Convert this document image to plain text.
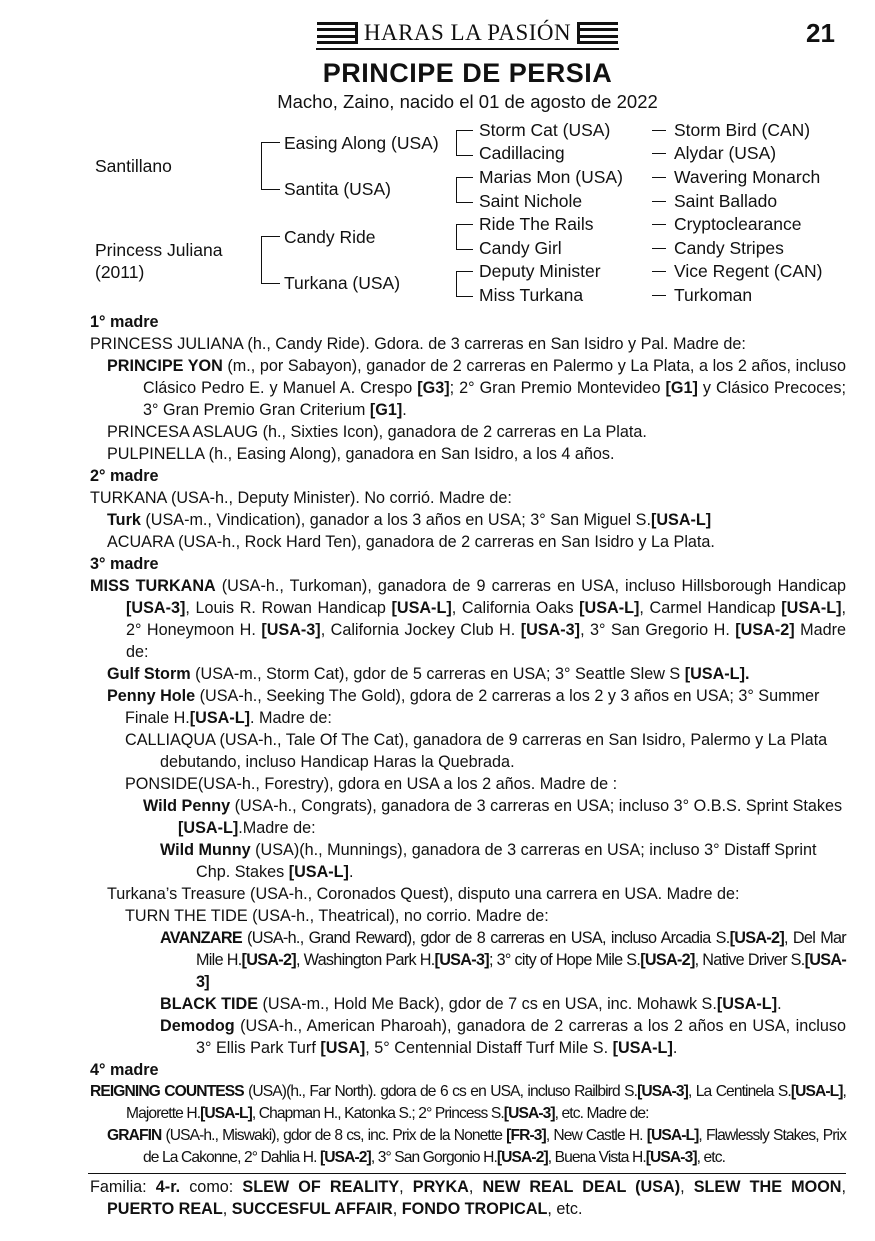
HARAS LA PASIÓN	21
PRINCIPE DE PERSIA
Macho, Zaino, nacido el 01 de agosto de 2022
Santillano
Princess Juliana
(2011)
Easing Along (USA)
Santita (USA)
Candy Ride
Turkana (USA)
Storm Cat (USA)
Cadillacing
Marias Mon (USA)
Saint Nichole
Ride The Rails
Candy Girl
Deputy Minister
Miss Turkana
Storm Bird (CAN)
Alydar (USA)
Wavering Monarch
Saint Ballado
Cryptoclearance
Candy Stripes
Vice Regent (CAN)
Turkoman

1° madre

PRINCESS JULIANA (h., Candy Ride). Gdora. de 3 carreras en San Isidro y Pal. Madre de:

PRINCIPE YON (m., por Sabayon), ganador de 2 carreras en Palermo y La Plata, a los 2 años, incluso Clásico Pedro E. y Manuel A. Crespo [G3]; 2° Gran Premio Montevideo [G1] y Clásico Precoces; 3° Gran Premio Gran Criterium [G1].

PRINCESA ASLAUG (h., Sixties Icon), ganadora de 2 carreras en La Plata.

PULPINELLA (h., Easing Along), ganadora en San Isidro, a los 4 años.

2° madre

TURKANA (USA-h., Deputy Minister). No corrió. Madre de:

Turk (USA-m., Vindication), ganador a los 3 años en USA; 3° San Miguel S.[USA-L]

ACUARA (USA-h., Rock Hard Ten), ganadora de 2 carreras en San Isidro y La Plata.

3° madre

MISS TURKANA (USA-h., Turkoman), ganadora de 9 carreras en USA, incluso Hillsborough Handicap [USA-3], Louis R. Rowan Handicap [USA-L], California Oaks [USA-L], Carmel Handicap [USA-L], 2° Honeymoon H. [USA-3], California Jockey Club H. [USA-3], 3° San Gregorio H. [USA-2] Madre de:

Gulf Storm (USA-m., Storm Cat), gdor de 5 carreras en USA; 3° Seattle Slew S [USA-L].

Penny Hole (USA-h., Seeking The Gold), gdora de 2 carreras a los 2 y 3 años en USA; 3° Summer Finale H.[USA-L]. Madre de:

CALLIAQUA (USA-h., Tale Of The Cat), ganadora de 9 carreras en San Isidro, Palermo y La Plata debutando, incluso Handicap Haras la Quebrada.

PONSIDE(USA-h., Forestry), gdora en USA a los 2 años. Madre de :

Wild Penny (USA-h., Congrats), ganadora de 3 carreras en USA; incluso 3° O.B.S. Sprint Stakes [USA-L].Madre de:

Wild Munny (USA)(h., Munnings), ganadora de 3 carreras en USA; incluso 3° Distaff Sprint Chp. Stakes [USA-L].

Turkana’s Treasure (USA-h., Coronados Quest), disputo una carrera en USA. Madre de:

TURN THE TIDE (USA-h., Theatrical), no corrio. Madre de:

AVANZARE (USA-h., Grand Reward), gdor de 8 carreras en USA, incluso Arcadia S.[USA-2], Del Mar Mile H.[USA-2], Washington Park H.[USA-3]; 3° city of Hope Mile S.[USA-2], Native Driver S.[USA-3]

BLACK TIDE (USA-m., Hold Me Back), gdor de 7 cs en USA, inc. Mohawk S.[USA-L].

Demodog (USA-h., American Pharoah), ganadora de 2 carreras a los 2 años en USA, incluso 3° Ellis Park Turf [USA], 5° Centennial Distaff Turf Mile S. [USA-L].

4° madre

REIGNING COUNTESS (USA)(h., Far North). gdora de 6 cs en USA, incluso Railbird S.[USA-3], La Centinela S.[USA-L], Majorette H.[USA-L], Chapman H., Katonka S.; 2° Princess S.[USA-3], etc. Madre de:

GRAFIN (USA-h., Miswaki), gdor de 8 cs, inc. Prix de la Nonette [FR-3], New Castle H. [USA-L], Flawlessly Stakes, Prix de La Cakonne, 2° Dahlia H. [USA-2], 3° San Gorgonio H.[USA-2], Buena Vista H.[USA-3], etc.

Familia: 4-r. como: SLEW OF REALITY, PRYKA, NEW REAL DEAL (USA), SLEW THE MOON, PUERTO REAL, SUCCESFUL AFFAIR, FONDO TROPICAL, etc.
